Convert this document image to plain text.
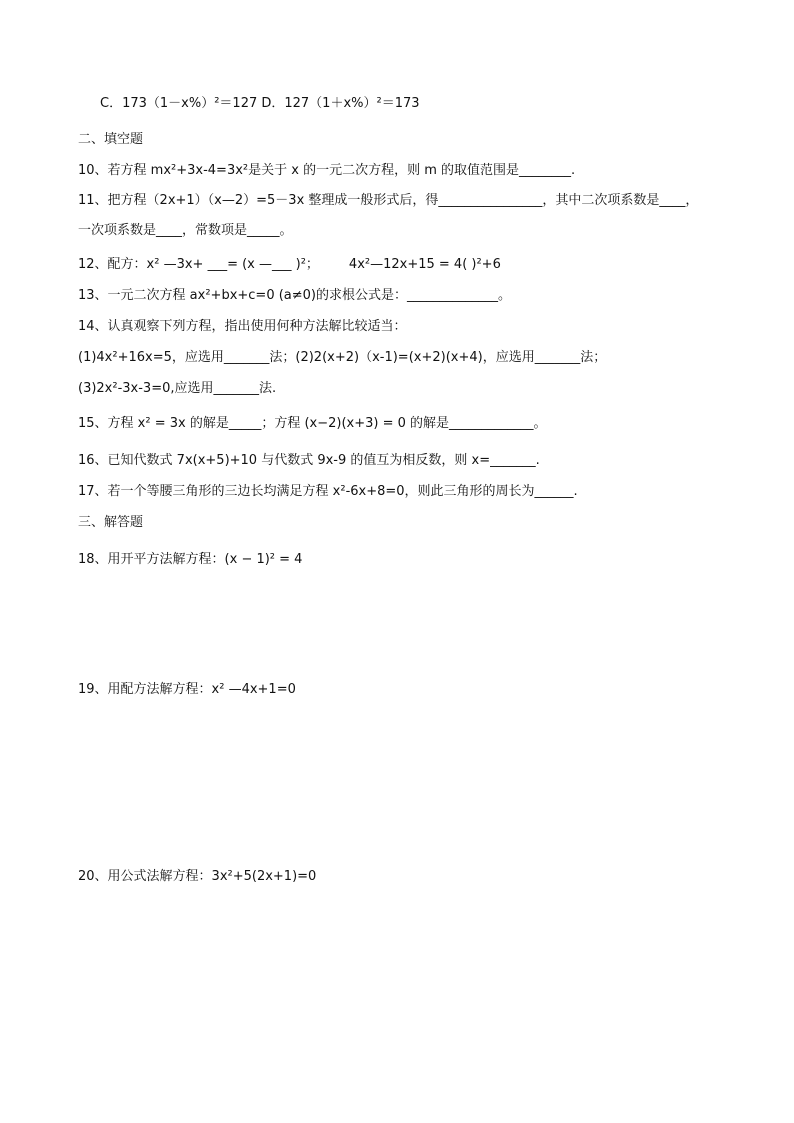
C．173（1－x%）²＝127 D．127（1＋x%）²＝173
二、填空题
10、若方程 mx²+3x-4=3x²是关于 x 的一元二次方程，则 m 的取值范围是________.
11、把方程（2x+1）（x—2）=5－3x 整理成一般形式后，得________________，其中二次项系数是____，
一次项系数是____，常数项是_____。
12、配方：x² —3x+ ___= (x —___ )²； 4x²—12x+15 = 4( )²+6
13、一元二次方程 ax²+bx+c=0 (a≠0)的求根公式是：______________。
14、认真观察下列方程，指出使用何种方法解比较适当：
(1)4x²+16x=5，应选用_______法；(2)2(x+2)（x-1)=(x+2)(x+4)，应选用_______法；
(3)2x²-3x-3=0,应选用_______法.
15、方程 x² = 3x 的解是_____；方程 (x−2)(x+3) = 0 的解是_____________。
16、已知代数式 7x(x+5)+10 与代数式 9x-9 的值互为相反数，则 x=_______.
17、若一个等腰三角形的三边长均满足方程 x²-6x+8=0，则此三角形的周长为______.
三、解答题
18、用开平方法解方程：(x − 1)² = 4
19、用配方法解方程：x² —4x+1=0
20、用公式法解方程：3x²+5(2x+1)=0
